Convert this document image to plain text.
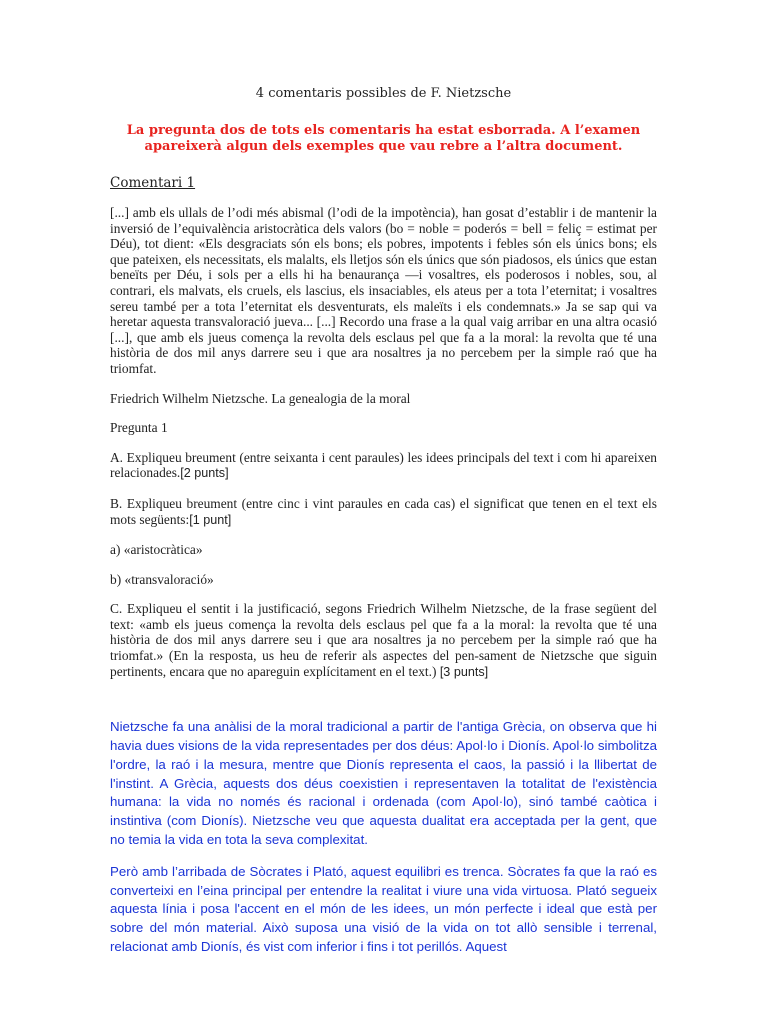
4 comentaris possibles de F. Nietzsche
La pregunta dos de tots els comentaris ha estat esborrada. A l’examen apareixerà algun dels exemples que vau rebre a l’altra document.
Comentari 1

[...] amb els ullals de l’odi més abismal (l’odi de la impotència), han gosat d’establir i de mantenir la inversió de l’equivalència aristocràtica dels valors (bo = noble = poderós = bell = feliç = estimat per Déu), tot dient: «Els desgraciats són els bons; els pobres, impotents i febles són els únics bons; els que pateixen, els necessitats, els malalts, els lletjos són els únics que són piadosos, els únics que estan beneïts per Déu, i sols per a ells hi ha benaurança —i vosaltres, els poderosos i nobles, sou, al contrari, els malvats, els cruels, els lascius, els insaciables, els ateus per a tota l’eternitat; i vosaltres sereu també per a tota l’eternitat els desventurats, els maleïts i els condemnats.» Ja se sap qui va heretar aquesta transvaloració jueva... [...] Recordo una frase a la qual vaig arribar en una altra ocasió [...], que amb els jueus comença la revolta dels esclaus pel que fa a la moral: la revolta que té una història de dos mil anys darrere seu i que ara nosaltres ja no percebem per la simple raó que ha triomfat.

Friedrich Wilhelm Nietzsche. La genealogia de la moral

Pregunta 1

A. Expliqueu breument (entre seixanta i cent paraules) les idees principals del text i com hi apareixen relacionades.[2 punts]

B. Expliqueu breument (entre cinc i vint paraules en cada cas) el significat que tenen en el text els mots següents:[1 punt]

a) «aristocràtica»

b) «transvaloració»

C. Expliqueu el sentit i la justificació, segons Friedrich Wilhelm Nietzsche, de la frase següent del text: «amb els jueus comença la revolta dels esclaus pel que fa a la moral: la revolta que té una història de dos mil anys darrere seu i que ara nosaltres ja no percebem per la simple raó que ha triomfat.» (En la resposta, us heu de referir als aspectes del pen-sament de Nietzsche que siguin pertinents, encara que no apareguin explícitament en el text.) [3 punts]

Nietzsche fa una anàlisi de la moral tradicional a partir de l'antiga Grècia, on observa que hi havia dues visions de la vida representades per dos déus: Apol·lo i Dionís. Apol·lo simbolitza l'ordre, la raó i la mesura, mentre que Dionís representa el caos, la passió i la llibertat de l'instint. A Grècia, aquests dos déus coexistien i representaven la totalitat de l'existència humana: la vida no només és racional i ordenada (com Apol·lo), sinó també caòtica i instintiva (com Dionís). Nietzsche veu que aquesta dualitat era acceptada per la gent, que no temia la vida en tota la seva complexitat.

Però amb l’arribada de Sòcrates i Plató, aquest equilibri es trenca. Sòcrates fa que la raó es converteixi en l’eina principal per entendre la realitat i viure una vida virtuosa. Plató segueix aquesta línia i posa l'accent en el món de les idees, un món perfecte i ideal que està per sobre del món material. Això suposa una visió de la vida on tot allò sensible i terrenal, relacionat amb Dionís, és vist com inferior i fins i tot perillós. Aquest
